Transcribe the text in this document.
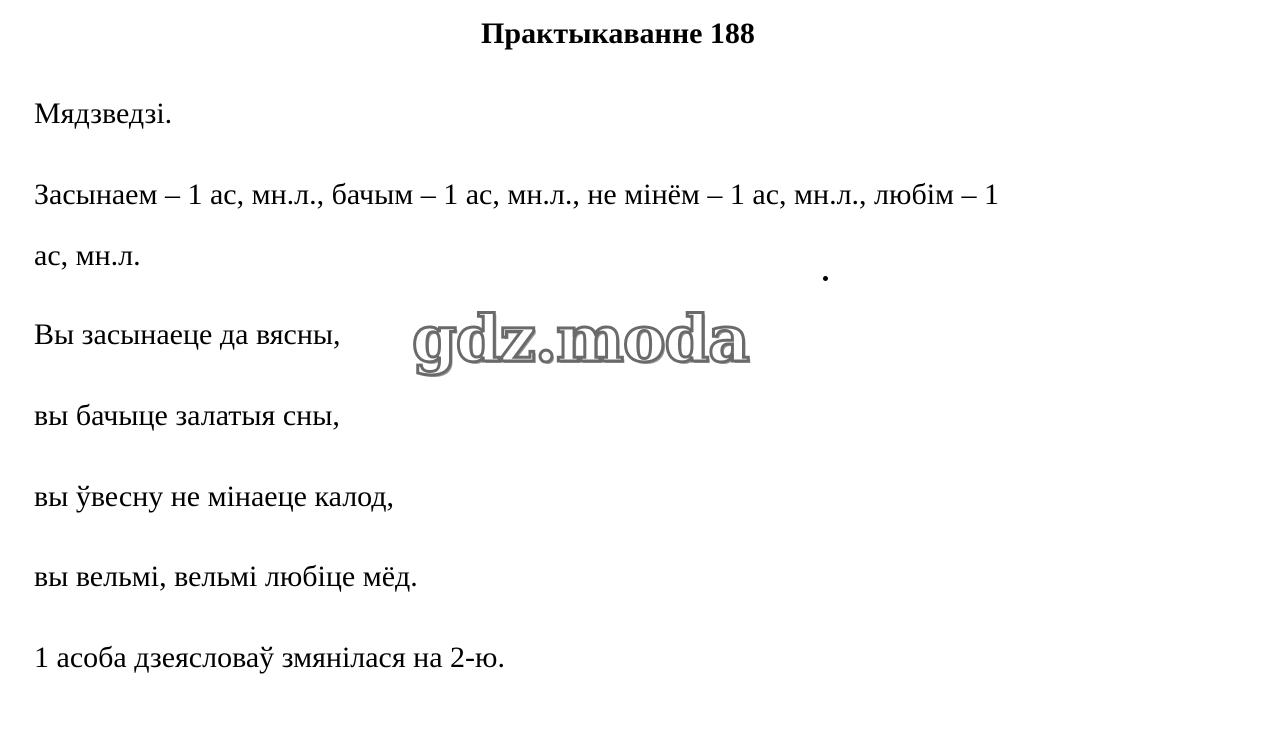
Практыкаванне 188
Мядзведзі.
Засынаем – 1 ас, мн.л., бачым – 1 ас, мн.л., не мінём – 1 ас, мн.л., любім – 1
ас, мн.л.
Вы засынаеце да вясны,
вы бачыце залатыя сны,
вы ўвесну не мінаеце калод,
вы вельмі, вельмі любіце мёд.
1 асоба дзеясловаў змянілася на 2-ю.
gdz.moda
